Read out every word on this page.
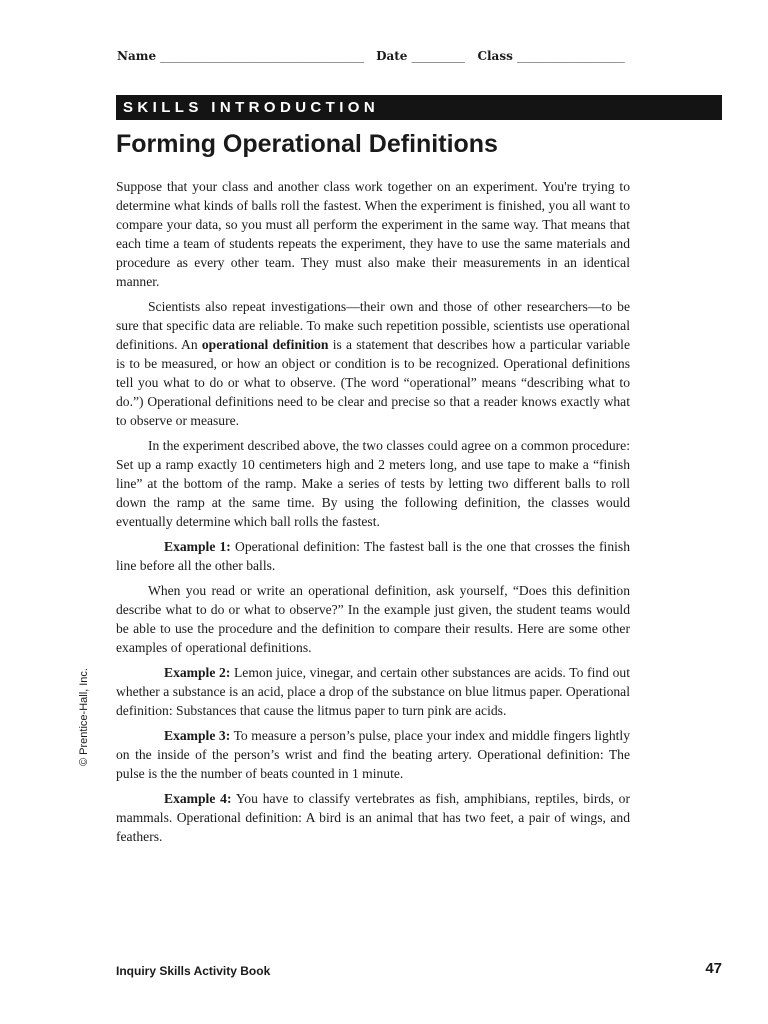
Name __________________________________ Date _________ Class __________________
SKILLS INTRODUCTION
Forming Operational Definitions

Suppose that your class and another class work together on an experiment. You're trying to determine what kinds of balls roll the fastest. When the experiment is finished, you all want to compare your data, so you must all perform the experiment in the same way. That means that each time a team of students repeats the experiment, they have to use the same materials and procedure as every other team. They must also make their measurements in an identical manner.

Scientists also repeat investigations—their own and those of other researchers—to be sure that specific data are reliable. To make such repetition possible, scientists use operational definitions. An operational definition is a statement that describes how a particular variable is to be measured, or how an object or condition is to be recognized. Operational definitions tell you what to do or what to observe. (The word “operational” means “describing what to do.”) Operational definitions need to be clear and precise so that a reader knows exactly what to observe or measure.

In the experiment described above, the two classes could agree on a common procedure: Set up a ramp exactly 10 centimeters high and 2 meters long, and use tape to make a “finish line” at the bottom of the ramp. Make a series of tests by letting two different balls to roll down the ramp at the same time. By using the following definition, the classes would eventually determine which ball rolls the fastest.

Example 1: Operational definition: The fastest ball is the one that crosses the finish line before all the other balls.

When you read or write an operational definition, ask yourself, “Does this definition describe what to do or what to observe?” In the example just given, the student teams would be able to use the procedure and the definition to compare their results. Here are some other examples of operational definitions.

Example 2: Lemon juice, vinegar, and certain other substances are acids. To find out whether a substance is an acid, place a drop of the substance on blue litmus paper. Operational definition: Substances that cause the litmus paper to turn pink are acids.

Example 3: To measure a person’s pulse, place your index and middle fingers lightly on the inside of the person’s wrist and find the beating artery. Operational definition: The pulse is the the number of beats counted in 1 minute.

Example 4: You have to classify vertebrates as fish, amphibians, reptiles, birds, or mammals. Operational definition: A bird is an animal that has two feet, a pair of wings, and feathers.

© Prentice-Hall, Inc.
Inquiry Skills Activity Book	47
